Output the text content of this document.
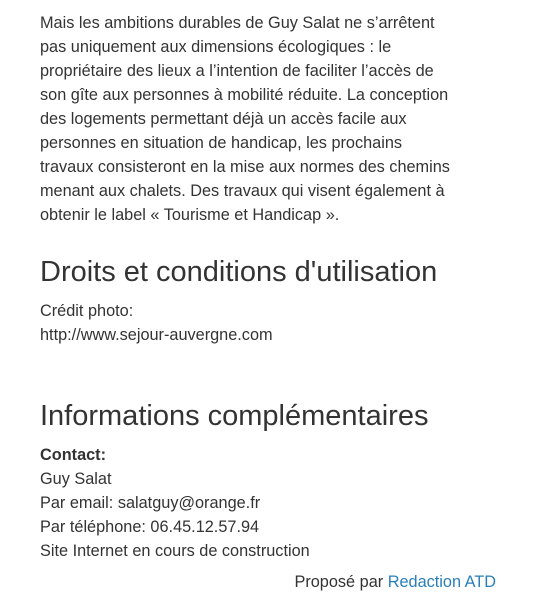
Mais les ambitions durables de Guy Salat ne s’arrêtent
pas uniquement aux dimensions écologiques : le
propriétaire des lieux a l’intention de faciliter l’accès de
son gîte aux personnes à mobilité réduite. La conception
des logements permettant déjà un accès facile aux
personnes en situation de handicap, les prochains
travaux consisteront en la mise aux normes des chemins
menant aux chalets. Des travaux qui visent également à
obtenir le label « Tourisme et Handicap ».

Droits et conditions d'utilisation
Crédit photo:
http://www.sejour-auvergne.com
Informations complémentaires
Contact:
Guy Salat
Par email: salatguy@orange.fr
Par téléphone: 06.45.12.57.94
Site Internet en cours de construction
Proposé par Redaction ATD
